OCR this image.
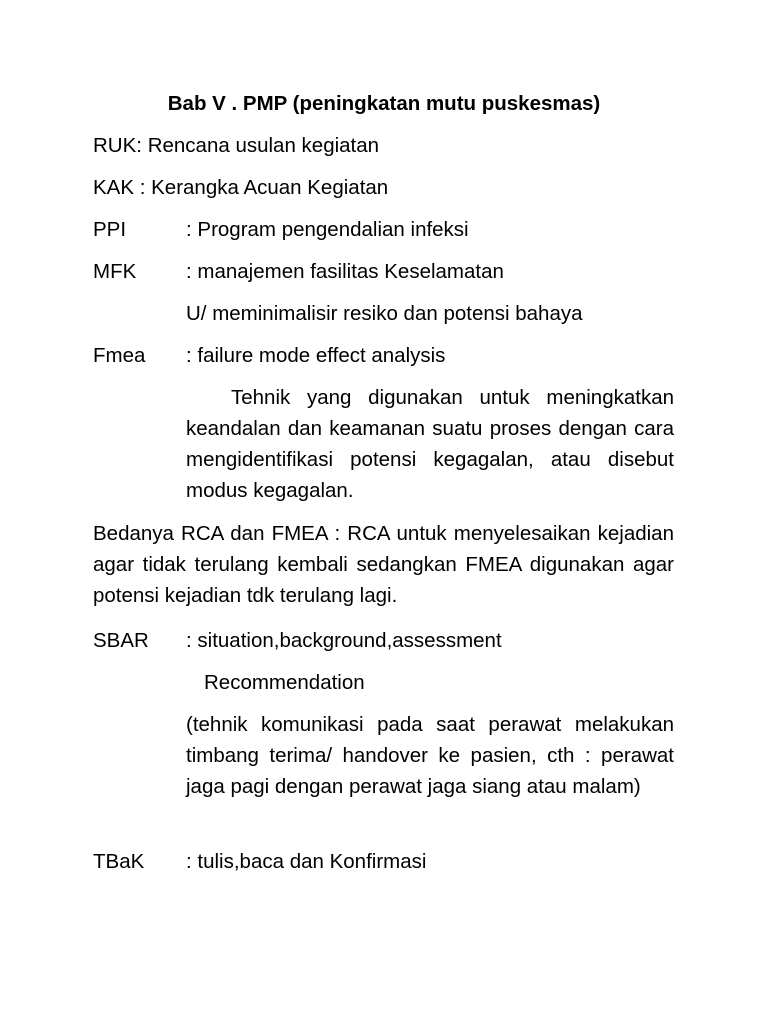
Bab V . PMP (peningkatan mutu puskesmas)
RUK: Rencana usulan kegiatan
KAK : Kerangka Acuan Kegiatan
PPI	: Program pengendalian infeksi
MFK : manajemen fasilitas Keselamatan
U/ meminimalisir resiko dan potensi bahaya
Fmea : failure mode effect analysis
Tehnik yang digunakan untuk meningkatkan keandalan dan keamanan suatu proses dengan cara mengidentifikasi potensi kegagalan, atau disebut modus kegagalan.
Bedanya RCA dan FMEA : RCA untuk menyelesaikan kejadian agar tidak terulang kembali sedangkan FMEA digunakan agar potensi kejadian tdk terulang lagi.
SBAR : situation,background,assessment
Recommendation
(tehnik komunikasi pada saat perawat melakukan timbang terima/ handover ke pasien, cth : perawat jaga pagi dengan perawat jaga siang atau malam)
TBaK : tulis,baca dan Konfirmasi
